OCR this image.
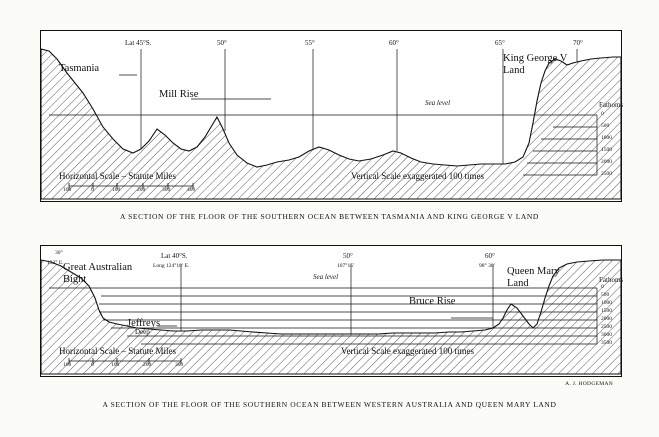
Tasmania
Mill Rise
King George V
Land
Sea level	Fathoms
Lat 45°S.	50°	55°	60°	65°	70°
0
500
1000
1500
2000
2500
Horizontal Scale – Statute Miles	Vertical Scale exaggerated 100 times
100	0	100	200	300	400
A SECTION OF THE FLOOR OF THE SOUTHERN OCEAN BETWEEN TASMANIA AND KING GEORGE V LAND
30°
133° E. Great Australian
Bight
Lat 40°S.
Long 124°10′ E.
50°
107°15′
60°
98° 30′
Sea level	Queen Mary
Land
Bruce Rise
Jeffreys
Deep
Fathoms
0
500
1000
1500
2000
2500
3000
3500
Horizontal Scale – Statute Miles	Vertical Scale exaggerated 100 times
100	0	100	200	300
A. J. HODGEMAN
A SECTION OF THE FLOOR OF THE SOUTHERN OCEAN BETWEEN WESTERN AUSTRALIA AND QUEEN MARY LAND
